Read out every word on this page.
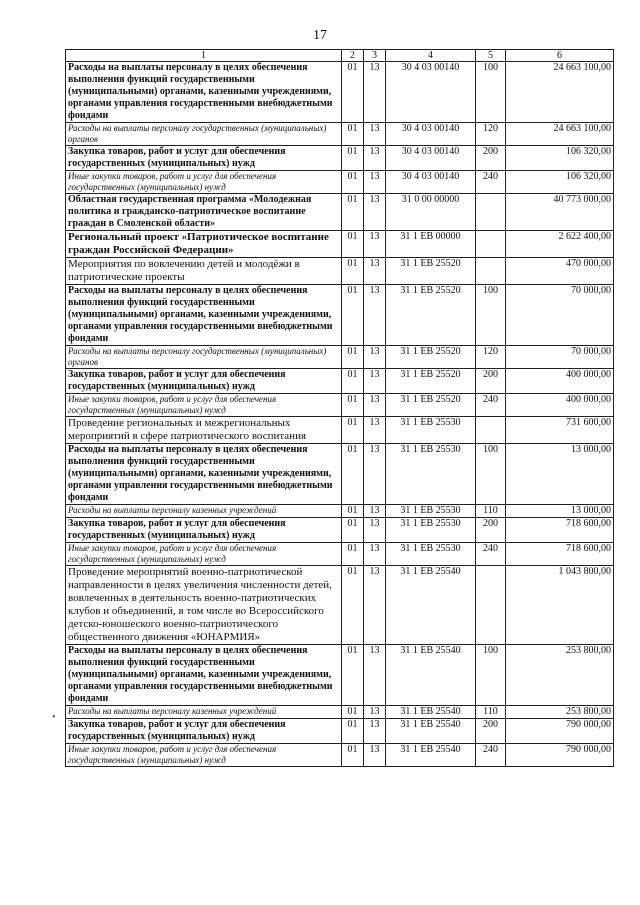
17
1	2	3	4	5	6
Расходы на выплаты персоналу в целях обеспечения выполнения функций государственными (муниципальными) органами, казенными учреждениями, органами управления государственными внебюджетными фондами	01	13	30 4 03 00140	100	24 663 100,00
Расходы на выплаты персоналу государственных (муниципальных) органов	01	13	30 4 03 00140	120	24 663 100,00
Закупка товаров, работ и услуг для обеспечения государственных (муниципальных) нужд	01	13	30 4 03 00140	200	106 320,00
Иные закупки товаров, работ и услуг для обеспечения государственных (муниципальных) нужд	01	13	30 4 03 00140	240	106 320,00
Областная государственная программа «Молодежная политика и гражданско-патриотическое воспитание граждан в Смоленской области»	01	13	31 0 00 00000		40 773 000,00
Региональный проект «Патриотическое воспитание граждан Российской Федерации»	01	13	31 1 EB 00000		2 622 400,00
Мероприятия по вовлечению детей и молодёжи в патриотические проекты	01	13	31 1 EB 25520		470 000,00
Расходы на выплаты персоналу в целях обеспечения выполнения функций государственными (муниципальными) органами, казенными учреждениями, органами управления государственными внебюджетными фондами	01	13	31 1 EB 25520	100	70 000,00
Расходы на выплаты персоналу государственных (муниципальных) органов	01	13	31 1 EB 25520	120	70 000,00
Закупка товаров, работ и услуг для обеспечения государственных (муниципальных) нужд	01	13	31 1 EB 25520	200	400 000,00
Иные закупки товаров, работ и услуг для обеспечения государственных (муниципальных) нужд	01	13	31 1 EB 25520	240	400 000,00
Проведение региональных и межрегиональных мероприятий в сфере патриотического воспитания	01	13	31 1 EB 25530		731 600,00
Расходы на выплаты персоналу в целях обеспечения выполнения функций государственными (муниципальными) органами, казенными учреждениями, органами управления государственными внебюджетными фондами	01	13	31 1 EB 25530	100	13 000,00
Расходы на выплаты персоналу казенных учреждений	01	13	31 1 EB 25530	110	13 000,00
Закупка товаров, работ и услуг для обеспечения государственных (муниципальных) нужд	01	13	31 1 EB 25530	200	718 600,00
Иные закупки товаров, работ и услуг для обеспечения государственных (муниципальных) нужд	01	13	31 1 EB 25530	240	718 600,00
Проведение мероприятий военно-патриотической направленности в целях увеличения численности детей, вовлеченных в деятельность военно-патриотических клубов и объединений, в том числе во Всероссийского детско-юношеского военно-патриотического общественного движения «ЮНАРМИЯ»	01	13	31 1 EB 25540		1 043 800,00
Расходы на выплаты персоналу в целях обеспечения выполнения функций государственными (муниципальными) органами, казенными учреждениями, органами управления государственными внебюджетными фондами	01	13	31 1 EB 25540	100	253 800,00
Расходы на выплаты персоналу казенных учреждений	01	13	31 1 EB 25540	110	253 800,00
Закупка товаров, работ и услуг для обеспечения государственных (муниципальных) нужд	01	13	31 1 EB 25540	200	790 000,00
Иные закупки товаров, работ и услуг для обеспечения государственных (муниципальных) нужд	01	13	31 1 EB 25540	240	790 000,00
•
